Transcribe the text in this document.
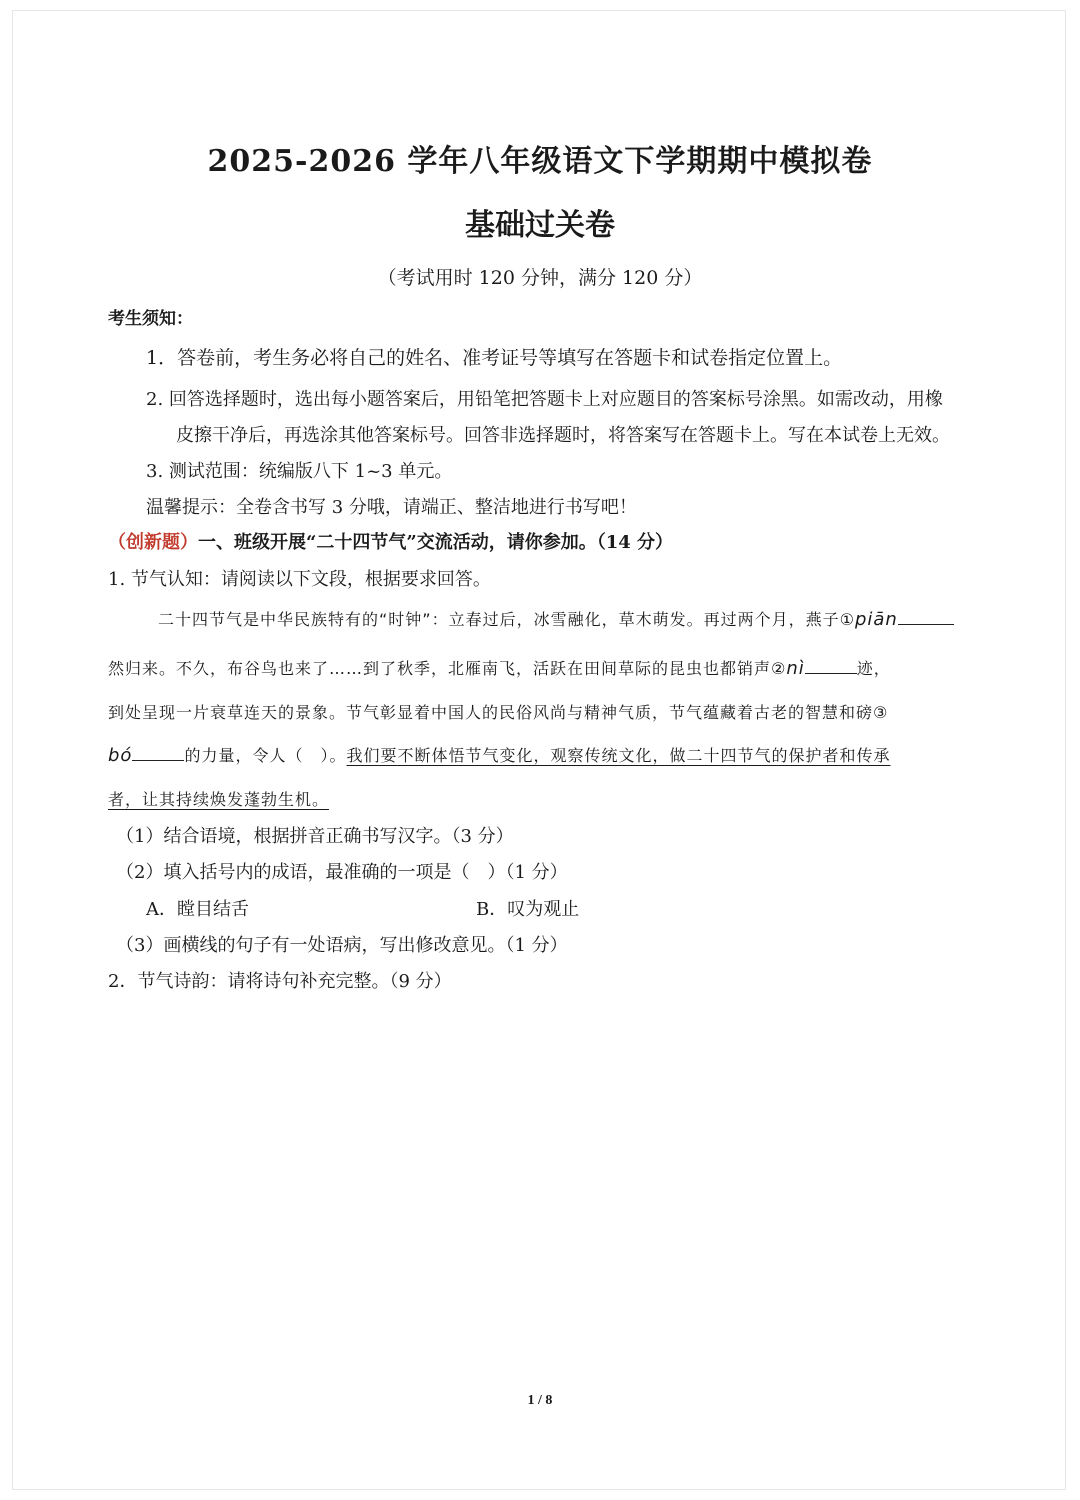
2025-2026 学年八年级语文下学期期中模拟卷
基础过关卷
（考试用时 120 分钟，满分 120 分）
考生须知：
1．答卷前，考生务必将自己的姓名、准考证号等填写在答题卡和试卷指定位置上。
2. 回答选择题时，选出每小题答案后，用铅笔把答题卡上对应题目的答案标号涂黑。如需改动，用橡
皮擦干净后，再选涂其他答案标号。回答非选择题时，将答案写在答题卡上。写在本试卷上无效。
3. 测试范围：统编版八下 1~3 单元。
温馨提示：全卷含书写 3 分哦，请端正、整洁地进行书写吧！
（创新题）一、班级开展“二十四节气”交流活动，请你参加。（14 分）
1. 节气认知：请阅读以下文段，根据要求回答。
二十四节气是中华民族特有的“时钟”：立春过后，冰雪融化，草木萌发。再过两个月，燕子①piān
然归来。不久，布谷鸟也来了……到了秋季，北雁南飞，活跃在田间草际的昆虫也都销声②nì	迹，
到处呈现一片衰草连天的景象。节气彰显着中国人的民俗风尚与精神气质，节气蕴藏着古老的智慧和磅③
bó	的力量，令人（　）。我们要不断体悟节气变化，观察传统文化，做二十四节气的保护者和传承
者，让其持续焕发蓬勃生机。
（1）结合语境，根据拼音正确书写汉字。（3 分）
（2）填入括号内的成语，最准确的一项是（　）（1 分）
A．瞠目结舌	B．叹为观止
（3）画横线的句子有一处语病，写出修改意见。（1 分）
2．节气诗韵：请将诗句补充完整。（9 分）
1 / 8
